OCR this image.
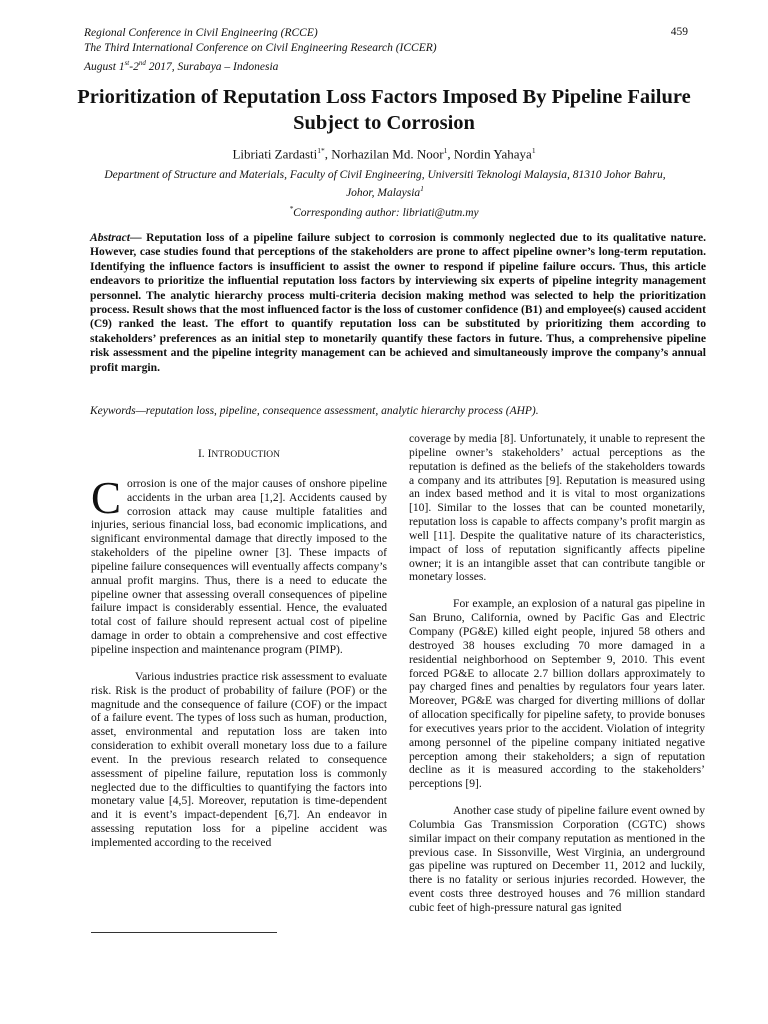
Regional Conference in Civil Engineering (RCCE)
The Third International Conference on Civil Engineering Research (ICCER)
August 1st-2nd 2017, Surabaya – Indonesia
459
Prioritization of Reputation Loss Factors Imposed By Pipeline Failure Subject to Corrosion
Libriati Zardasti$^{1*}$, Norhazilan Md. Noor$^1$, Nordin Yahaya$^1$
Department of Structure and Materials, Faculty of Civil Engineering, Universiti Teknologi Malaysia, 81310 Johor Bahru, Johor, Malaysia$^1$
*Corresponding author: libriati@utm.my

Abstract— Reputation loss of a pipeline failure subject to corrosion is commonly neglected due to its qualitative nature. However, case studies found that perceptions of the stakeholders are prone to affect pipeline owner’s long-term reputation. Identifying the influence factors is insufficient to assist the owner to respond if pipeline failure occurs. Thus, this article endeavors to prioritize the influential reputation loss factors by interviewing six experts of pipeline integrity management personnel. The analytic hierarchy process multi-criteria decision making method was selected to help the prioritization process. Result shows that the most influenced factor is the loss of customer confidence (B1) and employee(s) caused accident (C9) ranked the least. The effort to quantify reputation loss can be substituted by prioritizing them according to stakeholders’ preferences as an initial step to monetarily quantify these factors in future. Thus, a comprehensive pipeline risk assessment and the pipeline integrity management can be achieved and simultaneously improve the company’s annual profit margin.

Keywords—reputation loss, pipeline, consequence assessment, analytic hierarchy process (AHP).

I. INTRODUCTION

Corrosion is one of the major causes of onshore pipeline accidents in the urban area [1,2]. Accidents caused by corrosion attack may cause multiple fatalities and injuries, serious financial loss, bad economic implications, and significant environmental damage that directly imposed to the stakeholders of the pipeline owner [3]. These impacts of pipeline failure consequences will eventually affects company’s annual profit margins. Thus, there is a need to educate the pipeline owner that assessing overall consequences of pipeline failure impact is considerably essential. Hence, the evaluated total cost of failure should represent actual cost of pipeline damage in order to obtain a comprehensive and cost effective pipeline inspection and maintenance program (PIMP).

Various industries practice risk assessment to evaluate risk. Risk is the product of probability of failure (POF) or the magnitude and the consequence of failure (COF) or the impact of a failure event. The types of loss such as human, production, asset, environmental and reputation loss are taken into consideration to exhibit overall monetary loss due to a failure event. In the previous research related to consequence assessment of pipeline failure, reputation loss is commonly neglected due to the difficulties to quantifying the factors into monetary value [4,5]. Moreover, reputation is time-dependent and it is event’s impact-dependent [6,7]. An endeavor in assessing reputation loss for a pipeline accident was implemented according to the received

coverage by media [8]. Unfortunately, it unable to represent the pipeline owner’s stakeholders’ actual perceptions as the reputation is defined as the beliefs of the stakeholders towards a company and its attributes [9]. Reputation is measured using an index based method and it is vital to most organizations [10]. Similar to the losses that can be counted monetarily, reputation loss is capable to affects company’s profit margin as well [11]. Despite the qualitative nature of its characteristics, impact of loss of reputation significantly affects pipeline owner; it is an intangible asset that can contribute tangible or monetary losses.

For example, an explosion of a natural gas pipeline in San Bruno, California, owned by Pacific Gas and Electric Company (PG&E) killed eight people, injured 58 others and destroyed 38 houses excluding 70 more damaged in a residential neighborhood on September 9, 2010. This event forced PG&E to allocate 2.7 billion dollars approximately to pay charged fines and penalties by regulators four years later. Moreover, PG&E was charged for diverting millions of dollar of allocation specifically for pipeline safety, to provide bonuses for executives years prior to the accident. Violation of integrity among personnel of the pipeline company initiated negative perception among their stakeholders; a sign of reputation decline as it is measured according to the stakeholders’ perceptions [9].

Another case study of pipeline failure event owned by Columbia Gas Transmission Corporation (CGTC) shows similar impact on their company reputation as mentioned in the previous case. In Sissonville, West Virginia, an underground gas pipeline was ruptured on December 11, 2012 and luckily, there is no fatality or serious injuries recorded. However, the event costs three destroyed houses and 76 million standard cubic feet of high-pressure natural gas ignited
